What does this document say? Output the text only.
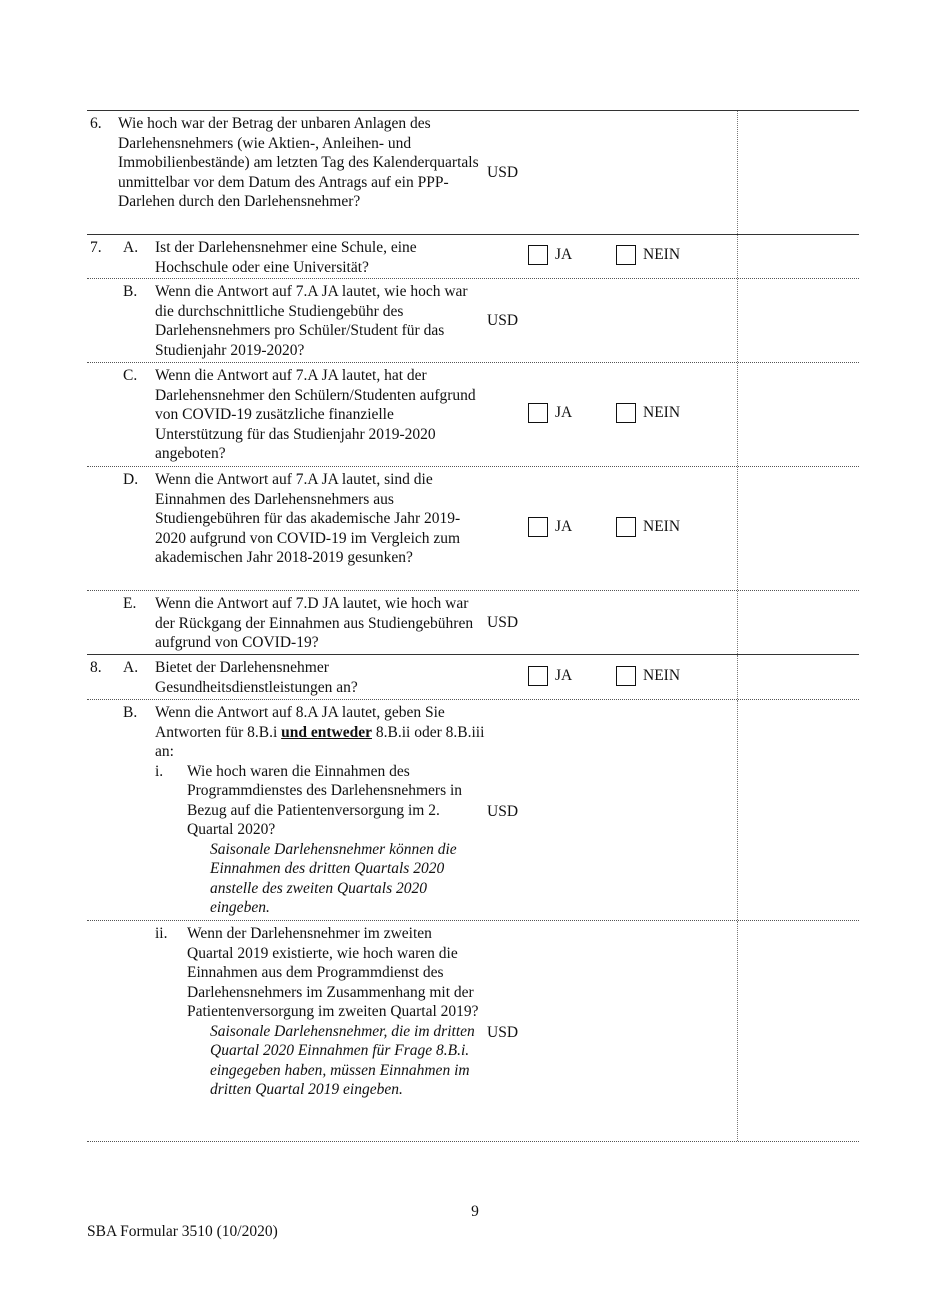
6. Wie hoch war der Betrag der unbaren Anlagen des Darlehensnehmers (wie Aktien-, Anleihen- und Immobilienbestände) am letzten Tag des Kalenderquartals unmittelbar vor dem Datum des Antrags auf ein PPP-Darlehen durch den Darlehensnehmer?
USD
7. A. Ist der Darlehensnehmer eine Schule, eine Hochschule oder eine Universität?
JA	NEIN
B. Wenn die Antwort auf 7.A JA lautet, wie hoch war die durchschnittliche Studiengebühr des Darlehensnehmers pro Schüler/Student für das Studienjahr 2019-2020?
USD
C. Wenn die Antwort auf 7.A JA lautet, hat der Darlehensnehmer den Schülern/Studenten aufgrund von COVID-19 zusätzliche finanzielle Unterstützung für das Studienjahr 2019-2020 angeboten?
JA	NEIN
D. Wenn die Antwort auf 7.A JA lautet, sind die Einnahmen des Darlehensnehmers aus Studiengebühren für das akademische Jahr 2019-2020 aufgrund von COVID-19 im Vergleich zum akademischen Jahr 2018-2019 gesunken?
JA	NEIN
E. Wenn die Antwort auf 7.D JA lautet, wie hoch war der Rückgang der Einnahmen aus Studiengebühren aufgrund von COVID-19?
USD
8. A. Bietet der Darlehensnehmer Gesundheitsdienstleistungen an?
JA	NEIN
B. Wenn die Antwort auf 8.A JA lautet, geben Sie Antworten für 8.B.i und entweder 8.B.ii oder 8.B.iii an:
i.	Wie hoch waren die Einnahmen des Programmdienstes des Darlehensnehmers in Bezug auf die Patientenversorgung im 2. Quartal 2020?
Saisonale Darlehensnehmer können die Einnahmen des dritten Quartals 2020 anstelle des zweiten Quartals 2020 eingeben.
USD
ii.	Wenn der Darlehensnehmer im zweiten Quartal 2019 existierte, wie hoch waren die Einnahmen aus dem Programmdienst des Darlehensnehmers im Zusammenhang mit der Patientenversorgung im zweiten Quartal 2019?
Saisonale Darlehensnehmer, die im dritten Quartal 2020 Einnahmen für Frage 8.B.i. eingegeben haben, müssen Einnahmen im dritten Quartal 2019 eingeben.
USD
9
SBA Formular 3510 (10/2020)
